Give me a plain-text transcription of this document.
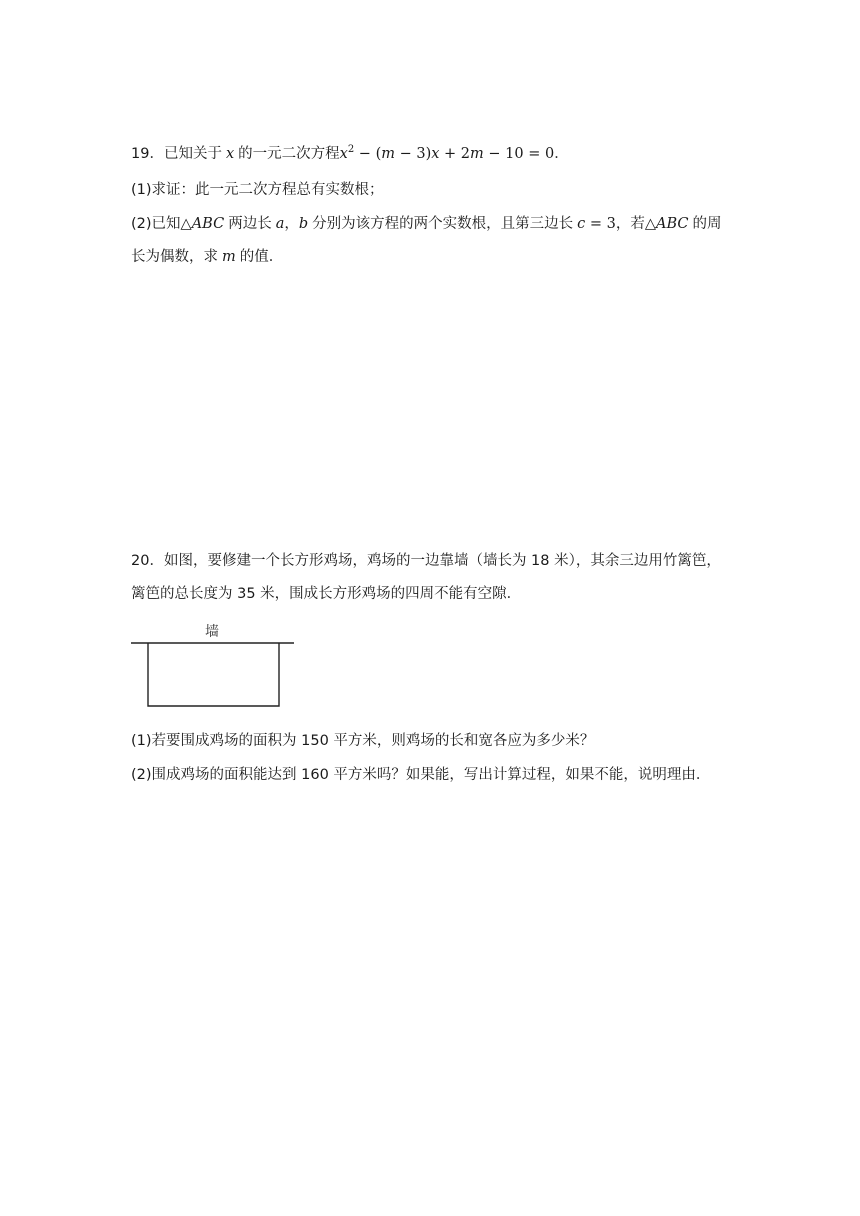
19．已知关于 x 的一元二次方程$x^2 - (m - 3)x + 2m - 10 = 0$．
(1)求证：此一元二次方程总有实数根；
(2)已知△ABC 两边长 a，b 分别为该方程的两个实数根，且第三边长 c = 3，若△ABC 的周
长为偶数，求 m 的值．
20．如图，要修建一个长方形鸡场，鸡场的一边靠墙（墙长为 18 米），其余三边用竹篱笆，
篱笆的总长度为 35 米，围成长方形鸡场的四周不能有空隙．
墙
(1)若要围成鸡场的面积为 150 平方米，则鸡场的长和宽各应为多少米？
(2)围成鸡场的面积能达到 160 平方米吗？如果能，写出计算过程，如果不能，说明理由．
